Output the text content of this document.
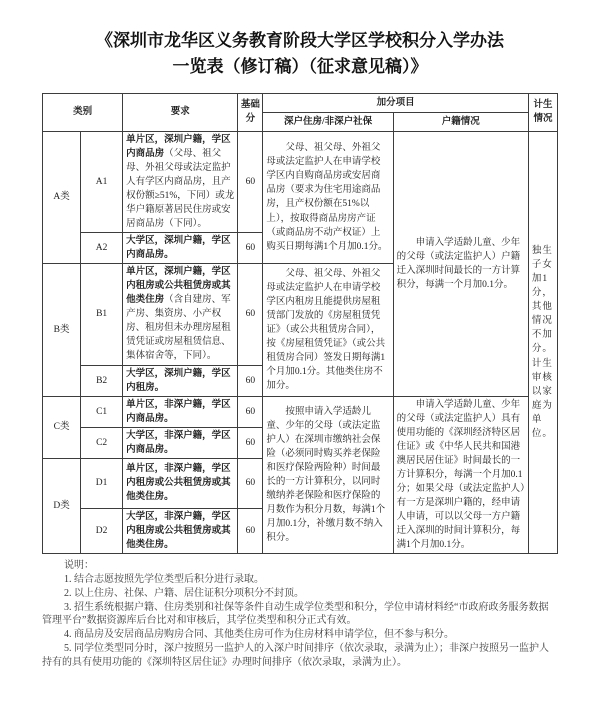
《深圳市龙华区义务教育阶段大学区学校积分入学办法一览表（修订稿）（征求意见稿）》
类别		要求	基础分	加分项目		计生情况
				深户住房/非深户社保	户籍情况	
A类	A1	单片区，深圳户籍，学区内商品房（父母、祖父母、外祖父母或法定监护人有学区内商品房，且产权份额≥51%，下同）或龙华户籍原著居民住房或安居商品房（下同）。	60	父母、祖父母、外祖父母或法定监护人在申请学校学区内自购商品房或安居商品房（要求为住宅用途商品房，且产权份额在51%以上），按取得商品房房产证（或商品房不动产权证）上购买日期每满1个月加0.1分。	申请入学适龄儿童、少年的父母（或法定监护人）户籍迁入深圳时间最长的一方计算积分，每满一个月加0.1分。	独生子女加1分，其他情况不加分。计生审核以家庭为单位。
	A2	大学区，深圳户籍，学区内商品房。	60			
B类	B1	单片区，深圳户籍，学区内租房或公共租赁房或其他类住房（含自建房、军产房、集资房、小产权房、租房但未办理房屋租赁凭证或房屋租赁信息、集体宿舍等，下同）。	60	父母、祖父母、外祖父母或法定监护人在申请学校学区内租房且能提供房屋租赁部门发放的《房屋租赁凭证》（或公共租赁房合同），按《房屋租赁凭证》（或公共租赁房合同）签发日期每满1个月加0.1分。其他类住房不加分。		
	B2	大学区，深圳户籍，学区内租房。	60			
C类	C1	单片区，非深户籍，学区内商品房。	60	按照申请入学适龄儿童、少年的父母（或法定监护人）在深圳市缴纳社会保险（必须同时购买养老保险和医疗保险两险种）时间最长的一方计算积分，以同时缴纳养老保险和医疗保险的月数作为积分月数，每满1个月加0.1分，补缴月数不纳入积分。	申请入学适龄儿童、少年的父母（或法定监护人）具有使用功能的《深圳经济特区居住证》或《中华人民共和国港澳居民居住证》时间最长的一方计算积分，每满一个月加0.1分；如果父母（或法定监护人）有一方是深圳户籍的，经申请人申请，可以以父母一方户籍迁入深圳的时间计算积分，每满1个月加0.1分。	
	C2	大学区，非深户籍，学区内商品房。	60			
D类	D1	单片区，非深户籍，学区内租房或公共租赁房或其他类住房。	60			
	D2	大学区，非深户籍，学区内租房或公共租赁房或其他类住房。	60			

说明：

1. 结合志愿按照先学位类型后积分进行录取。

2. 以上住房、社保、户籍、居住证积分项积分不封顶。

3. 招生系统根据户籍、住房类别和社保等条件自动生成学位类型和积分，学位申请材料经“市政府政务服务数据管理平台”数据资源库后台比对和审核后，其学位类型和积分正式有效。

4. 商品房及安居商品房购房合同、其他类住房可作为住房材料申请学位，但不参与积分。

5. 同学位类型同分时，深户按照另一监护人的入深户时间排序（依次录取，录满为止）；非深户按照另一监护人持有的具有使用功能的《深圳特区居住证》办理时间排序（依次录取，录满为止）。
